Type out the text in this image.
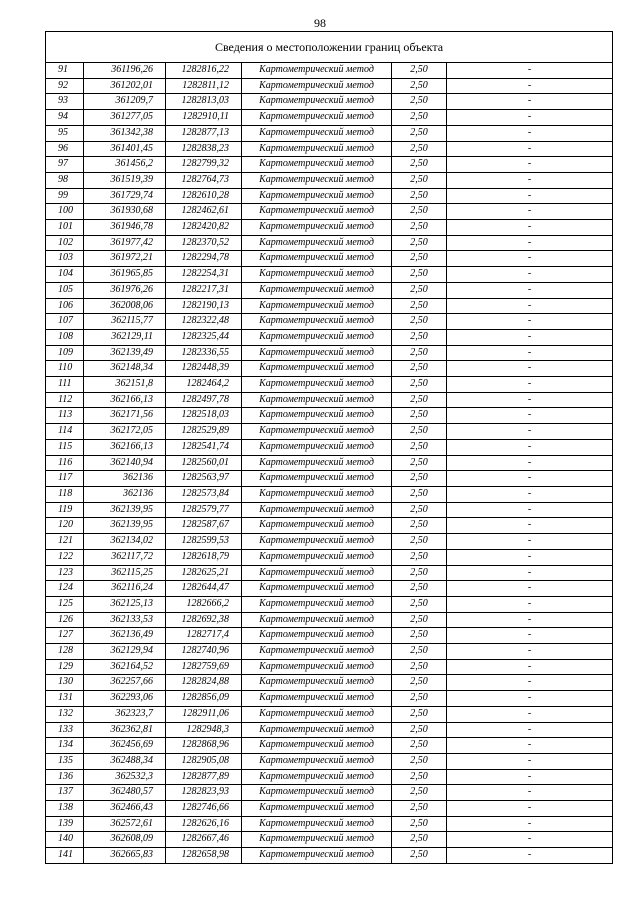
98
Сведения о местоположении границ объекта					
91	361196,26	1282816,22	Картометрический метод	2,50	-
92	361202,01	1282811,12	Картометрический метод	2,50	-
93	361209,7	1282813,03	Картометрический метод	2,50	-
94	361277,05	1282910,11	Картометрический метод	2,50	-
95	361342,38	1282877,13	Картометрический метод	2,50	-
96	361401,45	1282838,23	Картометрический метод	2,50	-
97	361456,2	1282799,32	Картометрический метод	2,50	-
98	361519,39	1282764,73	Картометрический метод	2,50	-
99	361729,74	1282610,28	Картометрический метод	2,50	-
100	361930,68	1282462,61	Картометрический метод	2,50	-
101	361946,78	1282420,82	Картометрический метод	2,50	-
102	361977,42	1282370,52	Картометрический метод	2,50	-
103	361972,21	1282294,78	Картометрический метод	2,50	-
104	361965,85	1282254,31	Картометрический метод	2,50	-
105	361976,26	1282217,31	Картометрический метод	2,50	-
106	362008,06	1282190,13	Картометрический метод	2,50	-
107	362115,77	1282322,48	Картометрический метод	2,50	-
108	362129,11	1282325,44	Картометрический метод	2,50	-
109	362139,49	1282336,55	Картометрический метод	2,50	-
110	362148,34	1282448,39	Картометрический метод	2,50	-
111	362151,8	1282464,2	Картометрический метод	2,50	-
112	362166,13	1282497,78	Картометрический метод	2,50	-
113	362171,56	1282518,03	Картометрический метод	2,50	-
114	362172,05	1282529,89	Картометрический метод	2,50	-
115	362166,13	1282541,74	Картометрический метод	2,50	-
116	362140,94	1282560,01	Картометрический метод	2,50	-
117	362136	1282563,97	Картометрический метод	2,50	-
118	362136	1282573,84	Картометрический метод	2,50	-
119	362139,95	1282579,77	Картометрический метод	2,50	-
120	362139,95	1282587,67	Картометрический метод	2,50	-
121	362134,02	1282599,53	Картометрический метод	2,50	-
122	362117,72	1282618,79	Картометрический метод	2,50	-
123	362115,25	1282625,21	Картометрический метод	2,50	-
124	362116,24	1282644,47	Картометрический метод	2,50	-
125	362125,13	1282666,2	Картометрический метод	2,50	-
126	362133,53	1282692,38	Картометрический метод	2,50	-
127	362136,49	1282717,4	Картометрический метод	2,50	-
128	362129,94	1282740,96	Картометрический метод	2,50	-
129	362164,52	1282759,69	Картометрический метод	2,50	-
130	362257,66	1282824,88	Картометрический метод	2,50	-
131	362293,06	1282856,09	Картометрический метод	2,50	-
132	362323,7	1282911,06	Картометрический метод	2,50	-
133	362362,81	1282948,3	Картометрический метод	2,50	-
134	362456,69	1282868,96	Картометрический метод	2,50	-
135	362488,34	1282905,08	Картометрический метод	2,50	-
136	362532,3	1282877,89	Картометрический метод	2,50	-
137	362480,57	1282823,93	Картометрический метод	2,50	-
138	362466,43	1282746,66	Картометрический метод	2,50	-
139	362572,61	1282626,16	Картометрический метод	2,50	-
140	362608,09	1282667,46	Картометрический метод	2,50	-
141	362665,83	1282658,98	Картометрический метод	2,50	-
